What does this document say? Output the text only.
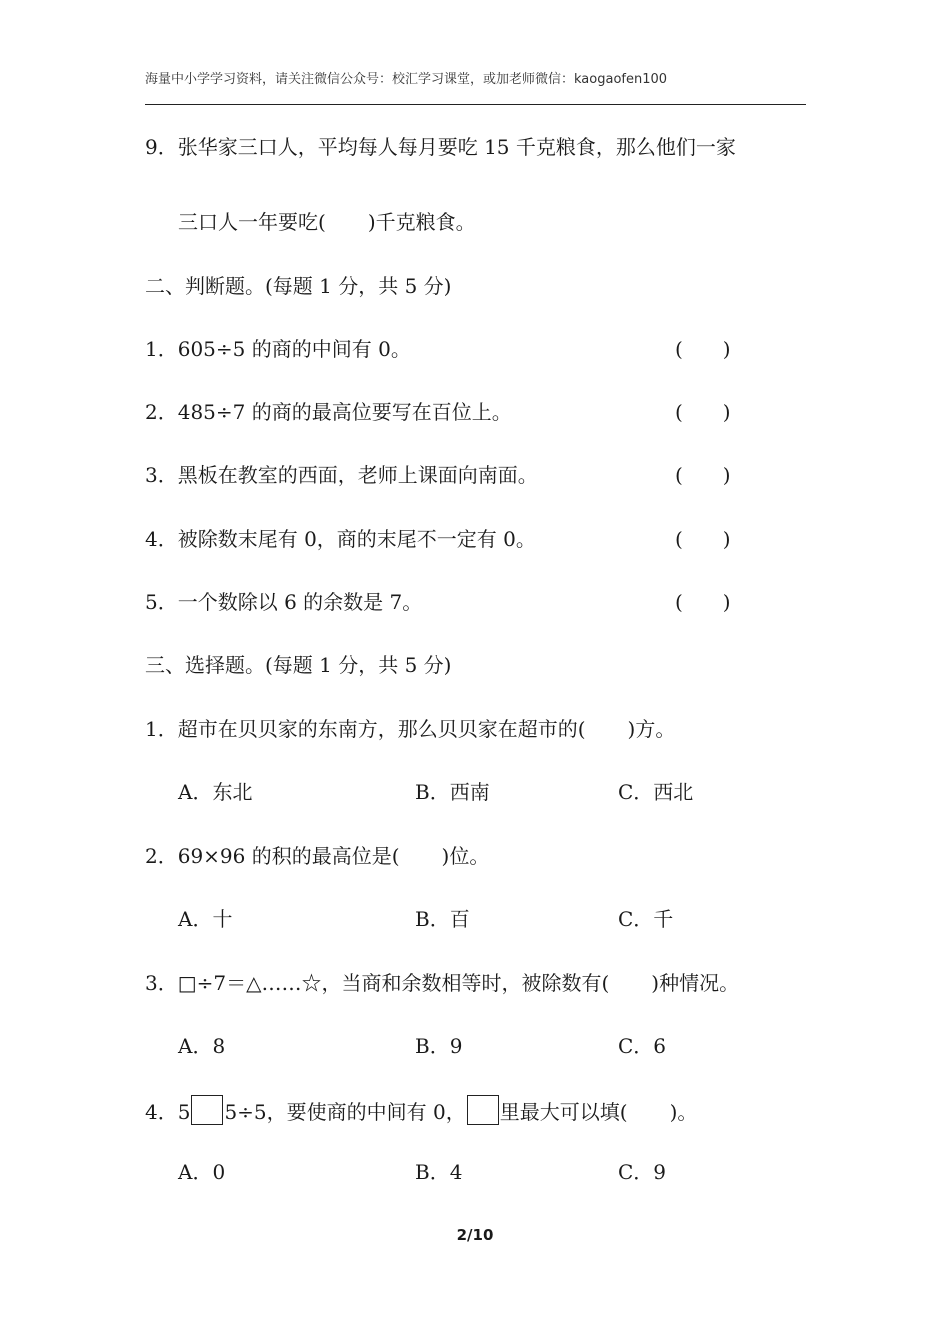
海量中小学学习资料，请关注微信公众号：校汇学习课堂，或加老师微信：kaogaofen100
9．张华家三口人，平均每人每月要吃 15 千克粮食，那么他们一家
三口人一年要吃( )千克粮食。
二、判断题。(每题 1 分，共 5 分)
1．605÷5 的商的中间有 0。	(　　)
2．485÷7 的商的最高位要写在百位上。	(　　)
3．黑板在教室的西面，老师上课面向南面。	(　　)
4．被除数末尾有 0，商的末尾不一定有 0。	(　　)
5．一个数除以 6 的余数是 7。	(　　)
三、选择题。(每题 1 分，共 5 分)
1．超市在贝贝家的东南方，那么贝贝家在超市的( )方。
A．东北	B．西南	C．西北
2．69×96 的积的最高位是( )位。
A．十	B．百	C．千
3．□÷7＝△……☆，当商和余数相等时，被除数有( )种情况。
A．8	B．9	C．6
4．5 5÷5，要使商的中间有 0， 里最大可以填( )。
A．0	B．4	C．9
2/10
